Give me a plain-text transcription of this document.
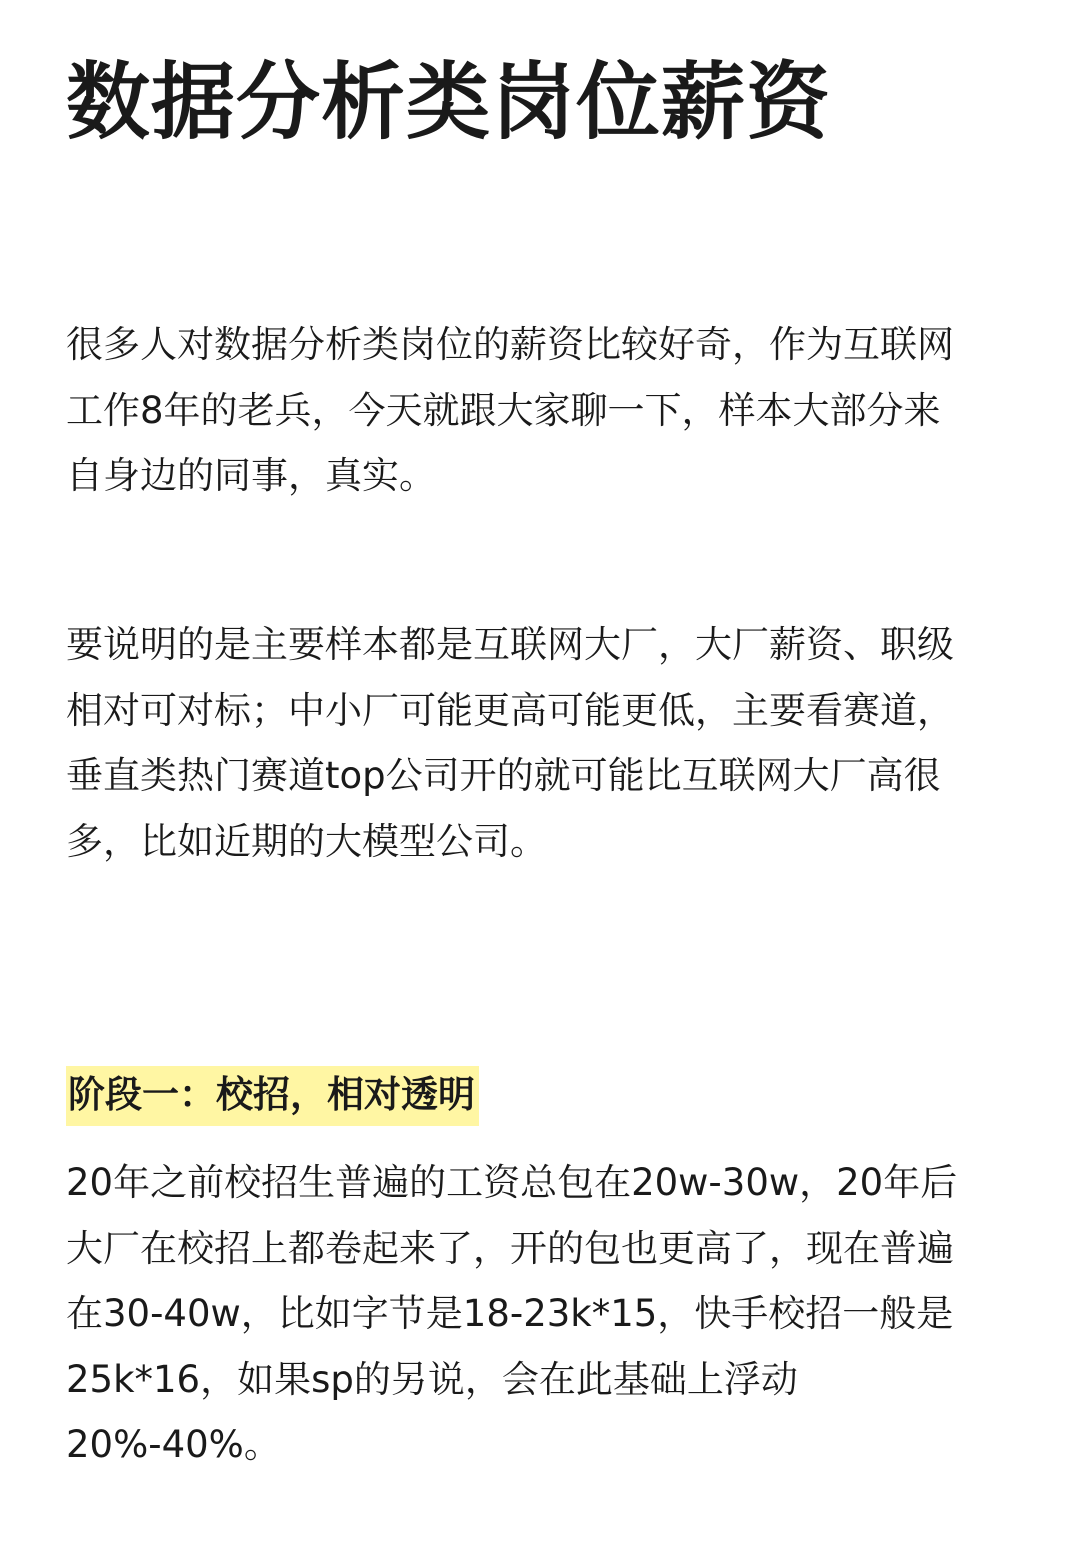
数据分析类岗位薪资

很多人对数据分析类岗位的薪资比较好奇，作为互联网
工作8年的老兵，今天就跟大家聊一下，样本大部分来
自身边的同事，真实。

要说明的是主要样本都是互联网大厂，大厂薪资、职级
相对可对标；中小厂可能更高可能更低，主要看赛道，
垂直类热门赛道top公司开的就可能比互联网大厂高很
多，比如近期的大模型公司。

阶段一：校招，相对透明

20年之前校招生普遍的工资总包在20w-30w，20年后
大厂在校招上都卷起来了，开的包也更高了，现在普遍
在30-40w，比如字节是18-23k*15，快手校招一般是
25k*16，如果sp的另说，会在此基础上浮动
20%-40%。
